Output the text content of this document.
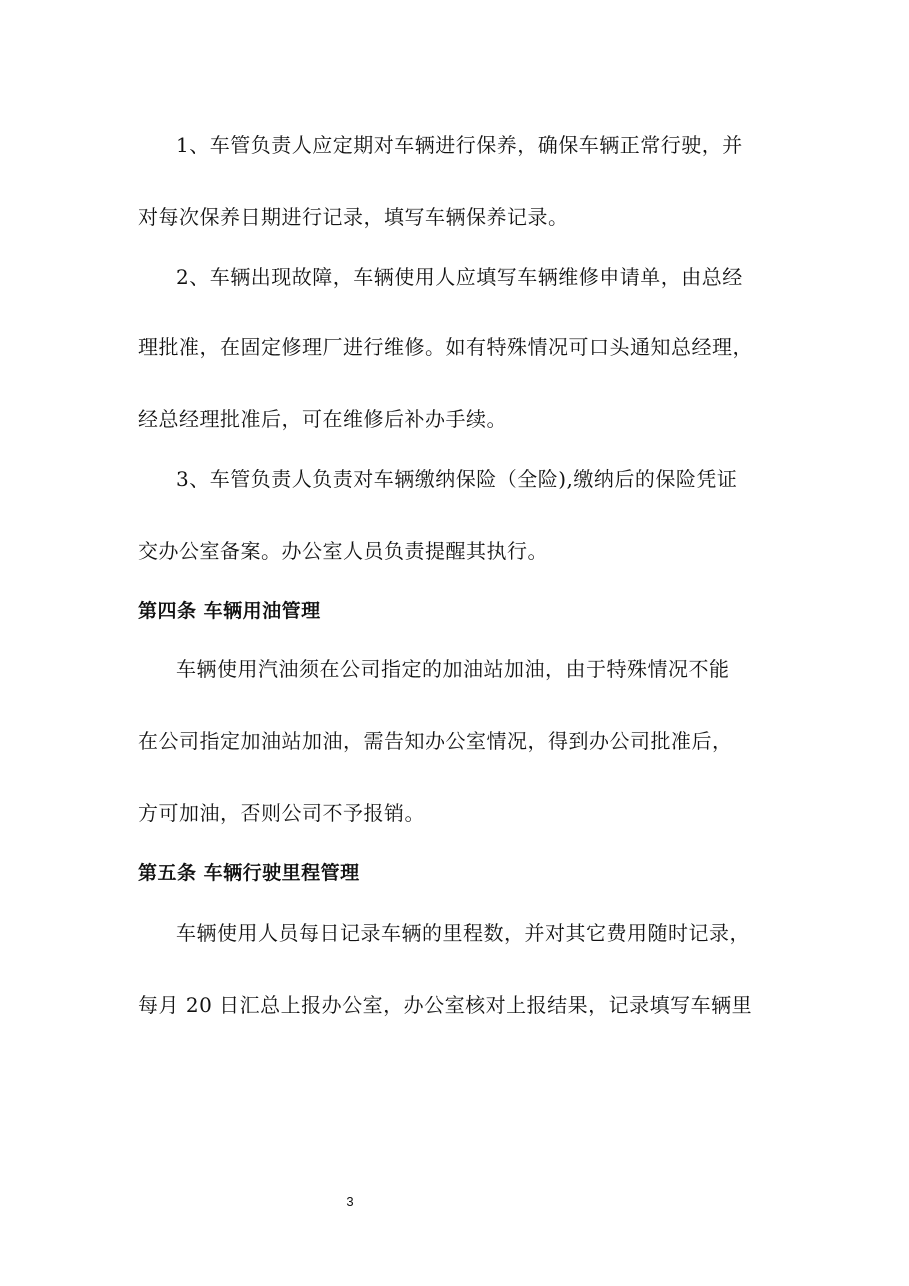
1、车管负责人应定期对车辆进行保养，确保车辆正常行驶，并
对每次保养日期进行记录，填写车辆保养记录。
2、车辆出现故障，车辆使用人应填写车辆维修申请单，由总经
理批准，在固定修理厂进行维修。如有特殊情况可口头通知总经理，
经总经理批准后，可在维修后补办手续。
3、车管负责人负责对车辆缴纳保险（全险),缴纳后的保险凭证
交办公室备案。办公室人员负责提醒其执行。
第四条 车辆用油管理
车辆使用汽油须在公司指定的加油站加油，由于特殊情况不能
在公司指定加油站加油，需告知办公室情况，得到办公司批准后，
方可加油，否则公司不予报销。
第五条 车辆行驶里程管理
车辆使用人员每日记录车辆的里程数，并对其它费用随时记录，
每月 20 日汇总上报办公室，办公室核对上报结果，记录填写车辆里
3
